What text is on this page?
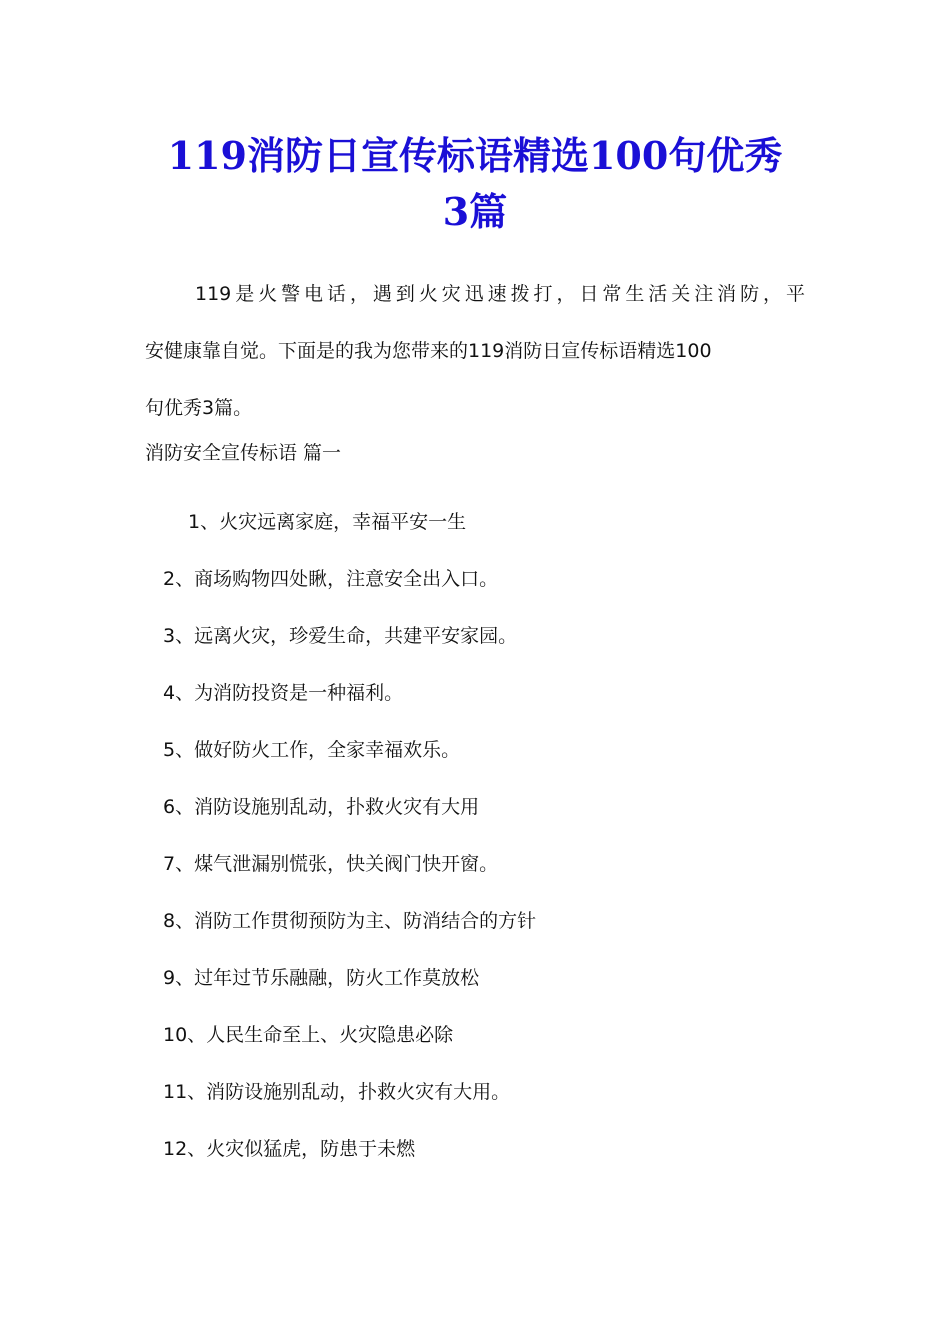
119消防日宣传标语精选100句优秀
3篇
119是火警电话，遇到火灾迅速拨打，日常生活关注消防，平
安健康靠自觉。下面是的我为您带来的119消防日宣传标语精选100
句优秀3篇。
消防安全宣传标语 篇一
1、火灾远离家庭，幸福平安一生
2、商场购物四处瞅，注意安全出入口。
3、远离火灾，珍爱生命，共建平安家园。
4、为消防投资是一种福利。
5、做好防火工作，全家幸福欢乐。
6、消防设施别乱动，扑救火灾有大用
7、煤气泄漏别慌张，快关阀门快开窗。
8、消防工作贯彻预防为主、防消结合的方针
9、过年过节乐融融，防火工作莫放松
10、人民生命至上、火灾隐患必除
11、消防设施别乱动，扑救火灾有大用。
12、火灾似猛虎，防患于未燃
